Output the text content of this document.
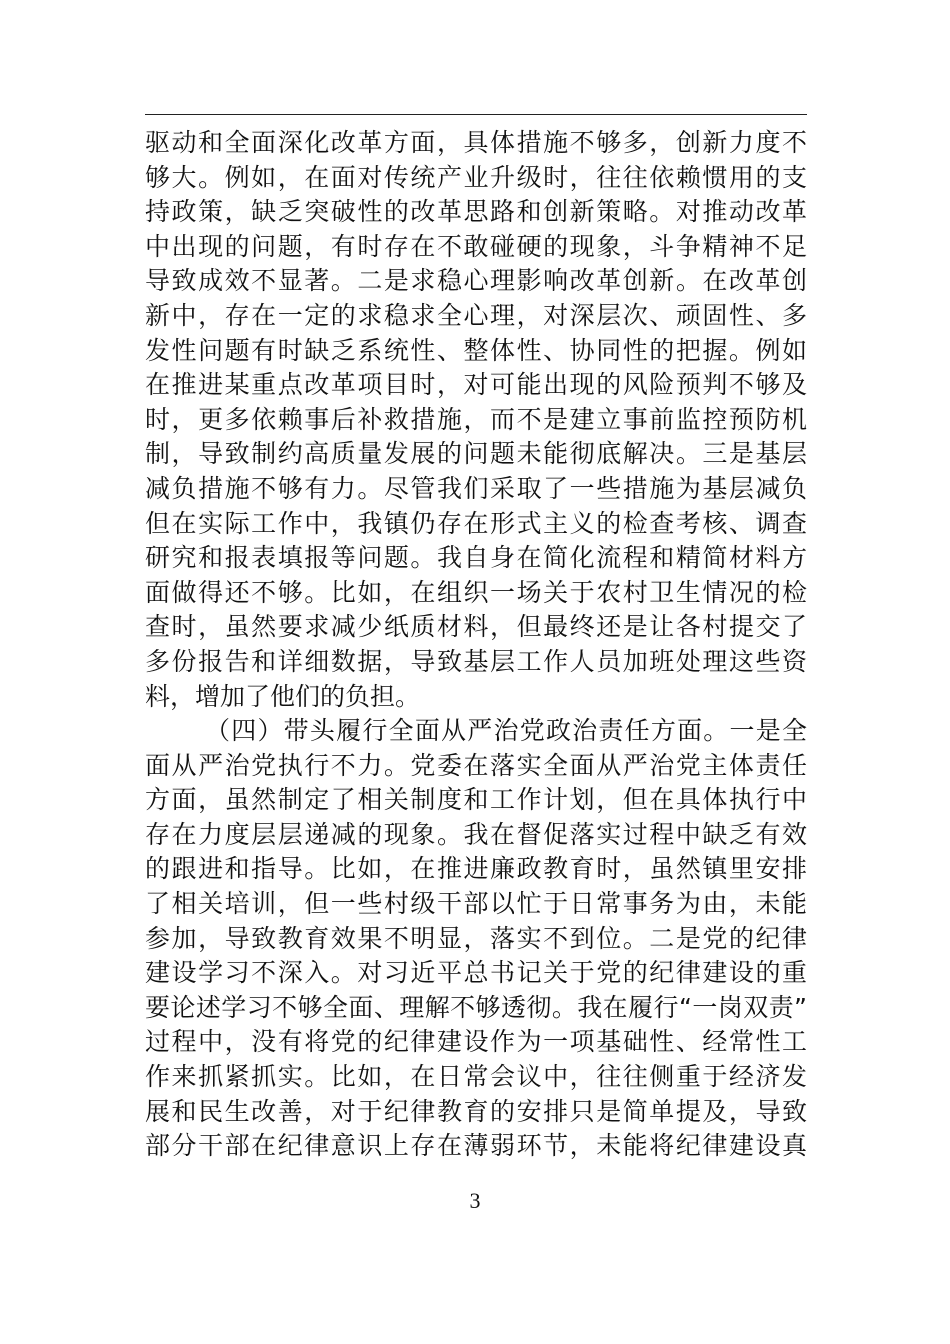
驱动和全面深化改革方面，具体措施不够多，创新力度不
够大。例如，在面对传统产业升级时，往往依赖惯用的支
持政策，缺乏突破性的改革思路和创新策略。对推动改革
中出现的问题，有时存在不敢碰硬的现象，斗争精神不足
导致成效不显著。二是求稳心理影响改革创新。在改革创
新中，存在一定的求稳求全心理，对深层次、顽固性、多
发性问题有时缺乏系统性、整体性、协同性的把握。例如
在推进某重点改革项目时，对可能出现的风险预判不够及
时，更多依赖事后补救措施，而不是建立事前监控预防机
制，导致制约高质量发展的问题未能彻底解决。三是基层
减负措施不够有力。尽管我们采取了一些措施为基层减负
但在实际工作中，我镇仍存在形式主义的检查考核、调查
研究和报表填报等问题。我自身在简化流程和精简材料方
面做得还不够。比如，在组织一场关于农村卫生情况的检
查时，虽然要求减少纸质材料，但最终还是让各村提交了
多份报告和详细数据，导致基层工作人员加班处理这些资
料，增加了他们的负担。
（四）带头履行全面从严治党政治责任方面。一是全
面从严治党执行不力。党委在落实全面从严治党主体责任
方面，虽然制定了相关制度和工作计划，但在具体执行中
存在力度层层递减的现象。我在督促落实过程中缺乏有效
的跟进和指导。比如，在推进廉政教育时，虽然镇里安排
了相关培训，但一些村级干部以忙于日常事务为由，未能
参加，导致教育效果不明显，落实不到位。二是党的纪律
建设学习不深入。对习近平总书记关于党的纪律建设的重
要论述学习不够全面、理解不够透彻。我在履行“一岗双责”
过程中，没有将党的纪律建设作为一项基础性、经常性工
作来抓紧抓实。比如，在日常会议中，往往侧重于经济发
展和民生改善，对于纪律教育的安排只是简单提及，导致
部分干部在纪律意识上存在薄弱环节，未能将纪律建设真
3
